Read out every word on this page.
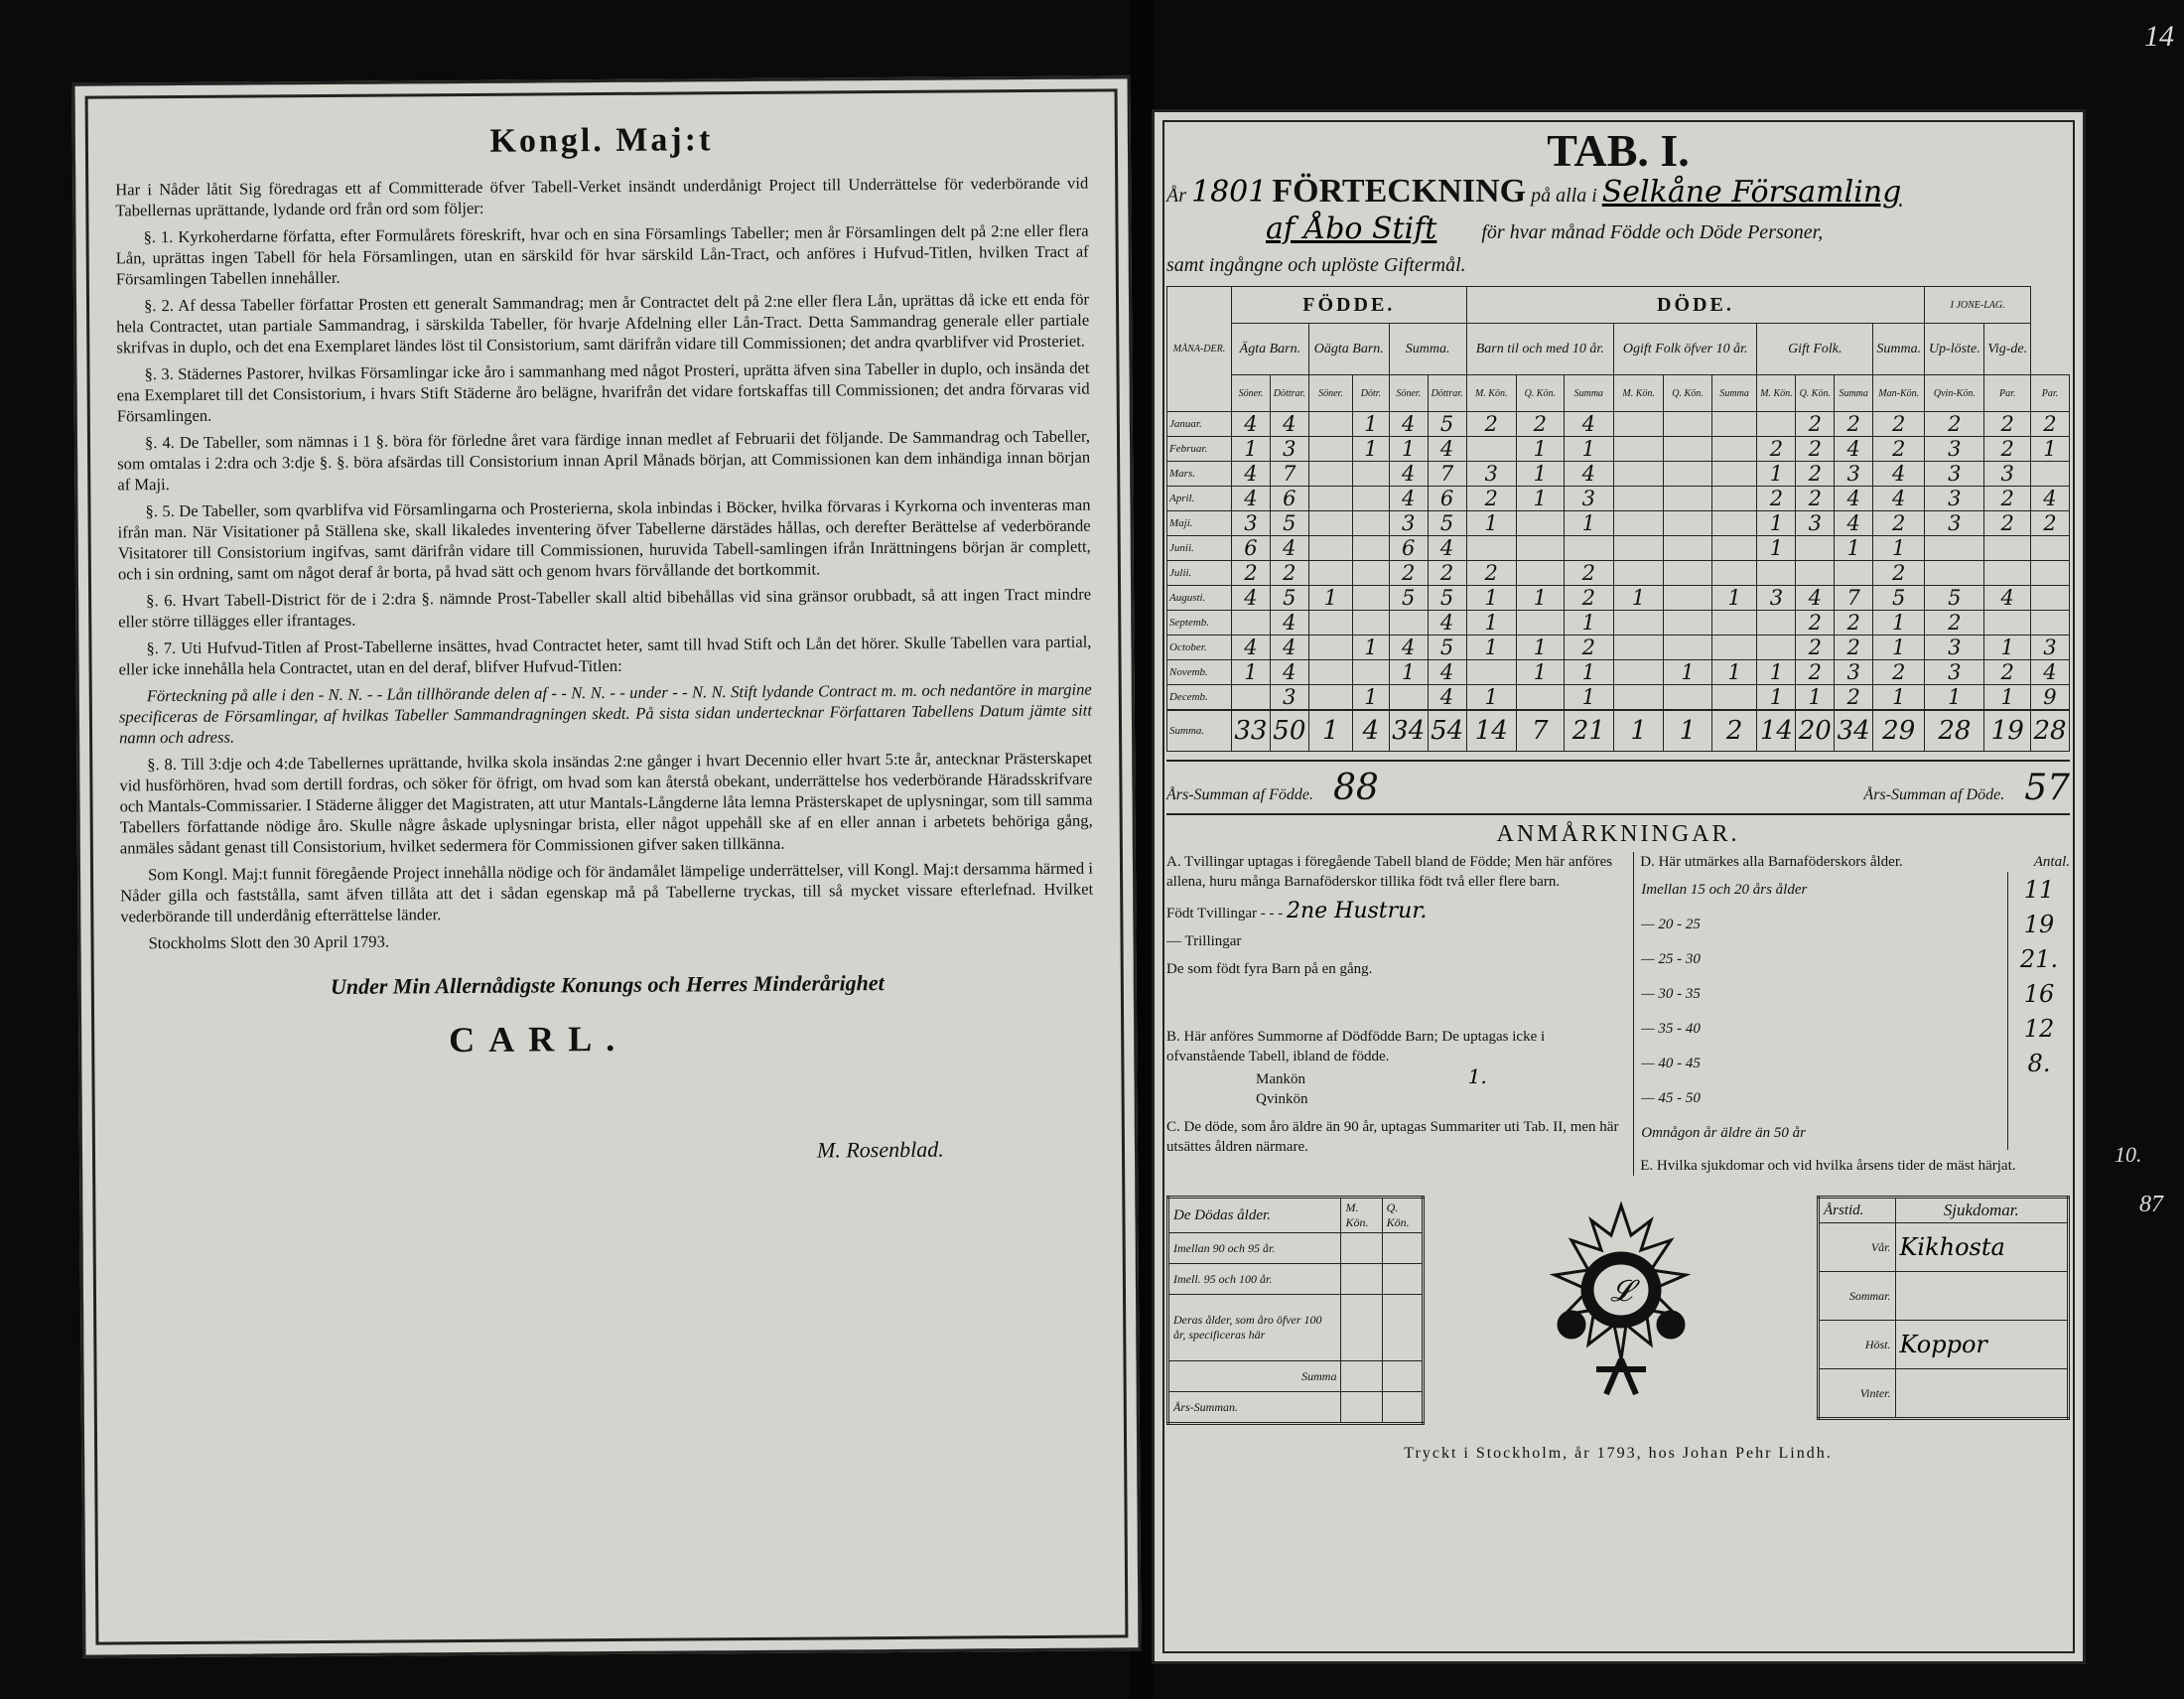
14
10.
87
Kongl. Maj:t

Har i Nåder låtit Sig föredragas ett af Committerade öfver Tabell-Verket insändt underdånigt Project till Underrättelse för vederbörande vid Tabellernas uprättande, lydande ord från ord som följer:

§. 1. Kyrkoherdarne författa, efter Formulårets föreskrift, hvar och en sina Församlings Tabeller; men år Församlingen delt på 2:ne eller flera Lån, uprättas ingen Tabell för hela Församlingen, utan en särskild för hvar särskild Lån-Tract, och anföres i Hufvud-Titlen, hvilken Tract af Församlingen Tabellen innehåller.

§. 2. Af dessa Tabeller författar Prosten ett generalt Sammandrag; men år Contractet delt på 2:ne eller flera Lån, uprättas då icke ett enda för hela Contractet, utan partiale Sammandrag, i särskilda Tabeller, för hvarje Afdelning eller Lån-Tract. Detta Sammandrag generale eller partiale skrifvas in duplo, och det ena Exemplaret ländes löst til Consistorium, samt därifrån vidare till Commissionen; det andra qvarblifver vid Prosteriet.

§. 3. Städernes Pastorer, hvilkas Församlingar icke åro i sammanhang med något Prosteri, uprätta äfven sina Tabeller in duplo, och insända det ena Exemplaret till det Consistorium, i hvars Stift Städerne åro belägne, hvarifrån det vidare fortskaffas till Commissionen; det andra förvaras vid Församlingen.

§. 4. De Tabeller, som nämnas i 1 §. böra för förledne året vara färdige innan medlet af Februarii det följande. De Sammandrag och Tabeller, som omtalas i 2:dra och 3:dje §. §. böra afsärdas till Consistorium innan April Månads början, att Commissionen kan dem inhändiga innan början af Maji.

§. 5. De Tabeller, som qvarblifva vid Församlingarna och Prosterierna, skola inbindas i Böcker, hvilka förvaras i Kyrkorna och inventeras man ifrån man. När Visitationer på Ställena ske, skall likaledes inventering öfver Tabellerne därstädes hållas, och derefter Berättelse af vederbörande Visitatorer till Consistorium ingifvas, samt därifrån vidare till Commissionen, huruvida Tabell-samlingen ifrån Inrättningens början är complett, och i sin ordning, samt om något deraf år borta, på hvad sätt och genom hvars förvållande det bortkommit.

§. 6. Hvart Tabell-District för de i 2:dra §. nämnde Prost-Tabeller skall altid bibehållas vid sina gränsor orubbadt, så att ingen Tract mindre eller större tillägges eller ifrantages.

§. 7. Uti Hufvud-Titlen af Prost-Tabellerne insättes, hvad Contractet heter, samt till hvad Stift och Lån det hörer. Skulle Tabellen vara partial, eller icke innehålla hela Contractet, utan en del deraf, blifver Hufvud-Titlen:

Förteckning på alle i den - N. N. - - Lån tillhörande delen af - - N. N. - - under - - N. N. Stift lydande Contract m. m. och nedantöre in margine specificeras de Församlingar, af hvilkas Tabeller Sammandragningen skedt. På sista sidan undertecknar Författaren Tabellens Datum jämte sitt namn och adress.

§. 8. Till 3:dje och 4:de Tabellernes uprättande, hvilka skola insändas 2:ne gånger i hvart Decennio eller hvart 5:te år, antecknar Prästerskapet vid husförhören, hvad som dertill fordras, och söker för öfrigt, om hvad som kan återstå obekant, underrättelse hos vederbörande Häradsskrifvare och Mantals-Commissarier. I Städerne åligger det Magistraten, att utur Mantals-Långderne låta lemna Prästerskapet de uplysningar, som till samma Tabellers författande nödige åro. Skulle någre åskade uplysningar brista, eller något uppehåll ske af en eller annan i arbetets behöriga gång, anmäles sådant genast till Consistorium, hvilket sedermera för Commissionen gifver saken tillkänna.

Som Kongl. Maj:t funnit föregående Project innehålla nödige och för ändamålet lämpelige underrättelser, vill Kongl. Maj:t dersamma härmed i Nåder gilla och faststålla, samt äfven tillåta att det i sådan egenskap må på Tabellerne tryckas, till så mycket vissare efterlefnad. Hvilket vederbörande till underdånig efterrättelse länder.

Stockholms Slott den 30 April 1793.

Under Min Allernådigste Konungs och Herres Minderårighet
CARL.
M. Rosenblad.
TAB. I.
År 1801 FÖRTECKNING på alla i Selkåne Församling
af Åbo Stift för hvar månad Födde och Döde Personer,
samt ingångne och uplöste Giftermål.
MÅNA-DER.	FÖDDE.						DÖDE.										I JONE-LAG.		
	Ägta Barn.		Oägta Barn.		Summa.		Barn til och med 10 år.			Ogift Folk öfver 10 år.			Gift Folk.			Summa.	Up-löste.	Vig-de.	
	Söner.	Döttrar.	Söner.	Dötr.	Söner.	Döttrar.	M. Kön.	Q. Kön.	Summa	M. Kön.	Q. Kön.	Summa	M. Kön.	Q. Kön.	Summa	Man-Kön.	Qvin-Kön.	Par.	Par.
Januar.	4	4		1	4	5	2	2	4					2	2	2	2	2	2
Februar.	1	3		1	1	4		1	1				2	2	4	2	3	2	1
Mars.	4	7			4	7	3	1	4				1	2	3	4	3	3	
April.	4	6			4	6	2	1	3				2	2	4	4	3	2	4
Maji.	3	5			3	5	1		1				1	3	4	2	3	2	2
Junii.	6	4			6	4							1		1	1			
Julii.	2	2			2	2	2		2							2			
Augusti.	4	5	1		5	5	1	1	2	1		1	3	4	7	5	5	4	
Septemb.		4				4	1		1					2	2	1	2		
October.	4	4		1	4	5	1	1	2					2	2	1	3	1	3
Novemb.	1	4			1	4		1	1		1	1	1	2	3	2	3	2	4
Decemb.		3		1		4	1		1				1	1	2	1	1	1	9
Summa.	33	50	1	4	34	54	14	7	21	1	1	2	14	20	34	29	28	19	28
Års-Summan af Födde. 88	Års-Summan af Döde. 57
ANMÅRKNINGAR.
A. Tvillingar uptagas i föregående Tabell bland de Födde; Men här anföres allena, huru många Barnaföderskor tillika födt två eller flere barn.
Födt Tvillingar - - - 2ne Hustrur.
— Trillingar
De som födt fyra Barn på en gång.
B. Här anföres Summorne af Dödfödde Barn; De uptagas icke i ofvanstående Tabell, ibland de födde.
Mankön	1.
Qvinkön
C. De döde, som åro äldre än 90 år, uptagas Summariter uti Tab. II, men här utsättes åldren närmare.
D. Här utmärkes alla Barnaföderskors ålder.	Antal.
Imellan 15 och 20 års ålder	11
— 20 - 25	19
— 25 - 30	21.
— 30 - 35	16
— 35 - 40	12
— 40 - 45	8.
— 45 - 50	
Omnågon år äldre än 50 år	
E. Hvilka sjukdomar och vid hvilka årsens tider de mäst härjat.
De Dödas ålder.	M. Kön.	Q. Kön.
Imellan 90 och 95 år.		
Imell. 95 och 100 år.		
Deras ålder, som åro öfver 100 år, specificeras här		
Summa		
Års-Summan.		
𝓛
Årstid.	Sjukdomar.
Vår.	Kikhosta
Sommar.	
Höst.	Koppor
Vinter.	
Tryckt i Stockholm, år 1793, hos Johan Pehr Lindh.
